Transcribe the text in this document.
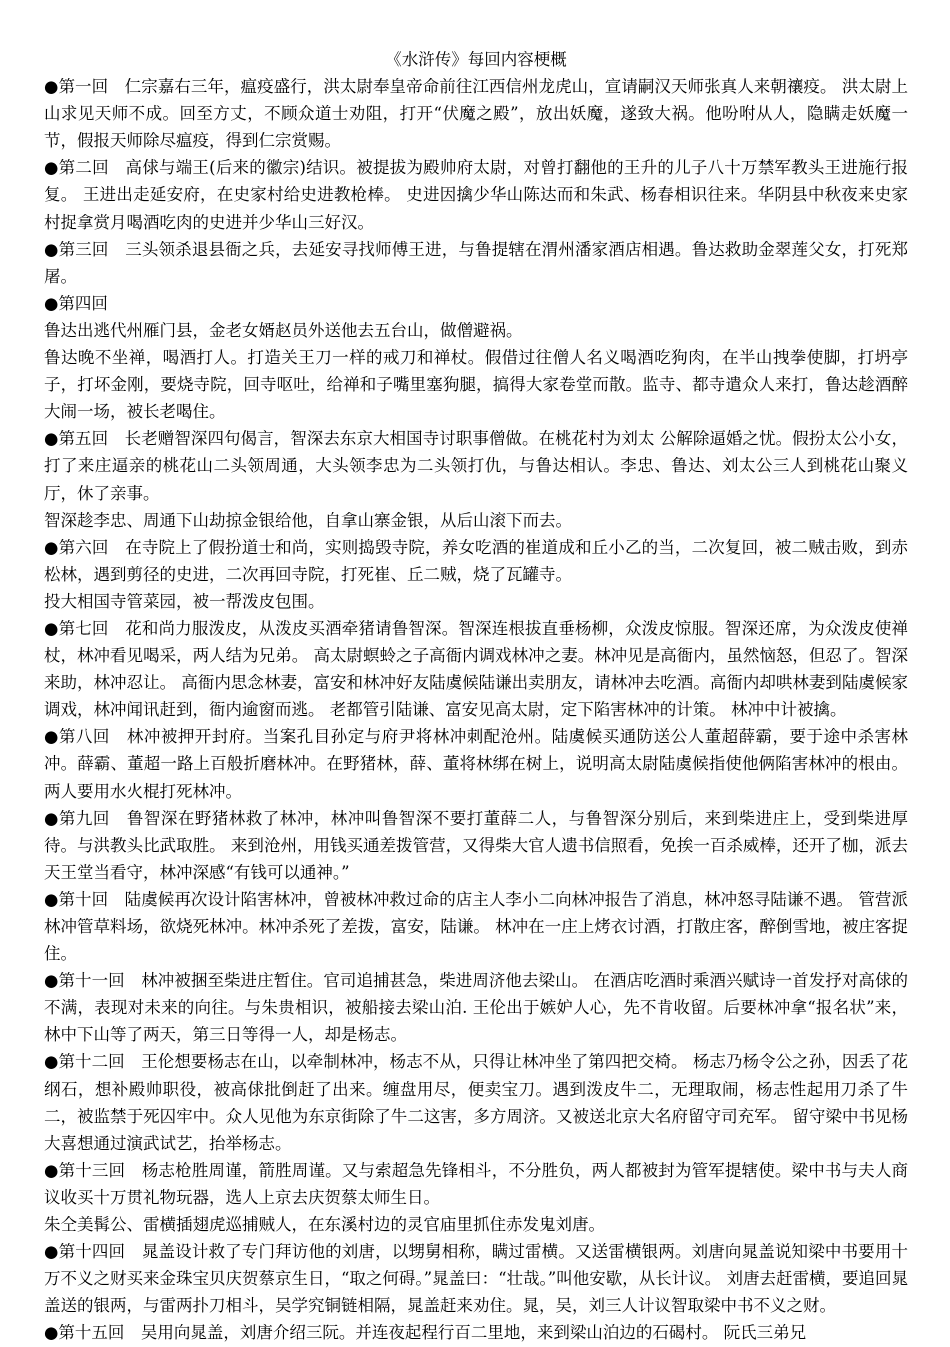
《水浒传》每回内容梗概

●第一回　仁宗嘉右三年，瘟疫盛行，洪太尉奉皇帝命前往江西信州龙虎山，宣请嗣汉天师张真人来朝禳疫。 洪太尉上山求见天师不成。回至方丈，不顾众道士劝阻，打开“伏魔之殿”，放出妖魔，遂致大祸。他吩咐从人，隐瞒走妖魔一节，假报天师除尽瘟疫，得到仁宗赏赐。

●第二回　高俅与端王(后来的徽宗)结识。被提拔为殿帅府太尉，对曾打翻他的王升的儿子八十万禁军教头王进施行报复。 王进出走延安府，在史家村给史进教枪棒。 史进因擒少华山陈达而和朱武、杨春相识往来。华阴县中秋夜来史家村捉拿赏月喝酒吃肉的史进并少华山三好汉。

●第三回　三头领杀退县衙之兵，去延安寻找师傅王进，与鲁提辖在渭州潘家酒店相遇。鲁达救助金翠莲父女，打死郑屠。

●第四回

鲁达出逃代州雁门县，金老女婿赵员外送他去五台山，做僧避祸。

鲁达晚不坐禅，喝酒打人。打造关王刀一样的戒刀和禅杖。假借过往僧人名义喝酒吃狗肉，在半山拽拳使脚，打坍亭子，打坏金刚，要烧寺院，回寺呕吐，给禅和子嘴里塞狗腿，搞得大家卷堂而散。监寺、都寺遣众人来打，鲁达趁酒醉大闹一场，被长老喝住。

●第五回　长老赠智深四句偈言，智深去东京大相国寺讨职事僧做。在桃花村为刘太 公解除逼婚之忧。假扮太公小女，打了来庄逼亲的桃花山二头领周通，大头领李忠为二头领打仇，与鲁达相认。李忠、鲁达、刘太公三人到桃花山聚义厅，休了亲事。

智深趁李忠、周通下山劫掠金银给他，自拿山寨金银，从后山滚下而去。

●第六回　在寺院上了假扮道士和尚，实则捣毁寺院，养女吃酒的崔道成和丘小乙的当，二次复回，被二贼击败，到赤松林，遇到剪径的史进，二次再回寺院，打死崔、丘二贼，烧了瓦罐寺。

投大相国寺管菜园，被一帮泼皮包围。

●第七回　花和尚力服泼皮，从泼皮买酒牵猪请鲁智深。智深连根拔直垂杨柳，众泼皮惊服。智深还席，为众泼皮使禅杖，林冲看见喝采，两人结为兄弟。 高太尉螟蛉之子高衙内调戏林冲之妻。林冲见是高衙内，虽然恼怒，但忍了。智深来助，林冲忍让。 高衙内思念林妻，富安和林冲好友陆虞候陆谦出卖朋友，请林冲去吃酒。高衙内却哄林妻到陆虞候家调戏，林冲闻讯赶到，衙内逾窗而逃。 老都管引陆谦、富安见高太尉，定下陷害林冲的计策。 林冲中计被擒。

●第八回　林冲被押开封府。当案孔目孙定与府尹将林冲刺配沧州。陆虞候买通防送公人董超薛霸，要于途中杀害林冲。薛霸、董超一路上百般折磨林冲。在野猪林，薛、董将林绑在树上，说明高太尉陆虞候指使他俩陷害林冲的根由。 两人要用水火棍打死林冲。

●第九回　鲁智深在野猪林救了林冲，林冲叫鲁智深不要打董薛二人，与鲁智深分别后，来到柴进庄上，受到柴进厚待。与洪教头比武取胜。 来到沧州，用钱买通差拨管营，又得柴大官人遗书信照看，免挨一百杀威棒，还开了枷，派去天王堂当看守，林冲深感“有钱可以通神。”

●第十回　陆虞候再次设计陷害林冲，曾被林冲救过命的店主人李小二向林冲报告了消息，林冲怒寻陆谦不遇。 管营派林冲管草料场，欲烧死林冲。林冲杀死了差拨，富安，陆谦。 林冲在一庄上烤衣讨酒，打散庄客，醉倒雪地，被庄客捉住。

●第十一回　林冲被捆至柴进庄暂住。官司追捕甚急，柴进周济他去梁山。 在酒店吃酒时乘酒兴赋诗一首发抒对高俅的不满，表现对未来的向往。与朱贵相识，被船接去梁山泊. 王伦出于嫉妒人心，先不肯收留。后要林冲拿“报名状”来，林中下山等了两天，第三日等得一人，却是杨志。

●第十二回　王伦想要杨志在山，以牵制林冲，杨志不从，只得让林冲坐了第四把交椅。 杨志乃杨令公之孙，因丢了花纲石，想补殿帅职役，被高俅批倒赶了出来。缠盘用尽，便卖宝刀。遇到泼皮牛二，无理取闹，杨志性起用刀杀了牛二，被监禁于死囚牢中。众人见他为东京街除了牛二这害，多方周济。又被送北京大名府留守司充军。 留守梁中书见杨大喜想通过演武试艺，抬举杨志。

●第十三回　杨志枪胜周谨，箭胜周谨。又与索超急先锋相斗，不分胜负，两人都被封为管军提辖使。梁中书与夫人商议收买十万贯礼物玩器，选人上京去庆贺蔡太师生日。

朱仝美髯公、雷横插翅虎巡捕贼人，在东溪村边的灵官庙里抓住赤发鬼刘唐。

●第十四回　晁盖设计救了专门拜访他的刘唐，以甥舅相称，瞒过雷横。又送雷横银两。刘唐向晁盖说知梁中书要用十万不义之财买来金珠宝贝庆贺蔡京生日，“取之何碍。”晁盖曰：“壮哉。”叫他安歇，从长计议。 刘唐去赶雷横，要追回晁盖送的银两，与雷两扑刀相斗，吴学究铜链相隔，晁盖赶来劝住。晁，吴，刘三人计议智取梁中书不义之财。

●第十五回　吴用向晁盖，刘唐介绍三阮。并连夜起程行百二里地，来到梁山泊边的石碣村。 阮氏三弟兄
